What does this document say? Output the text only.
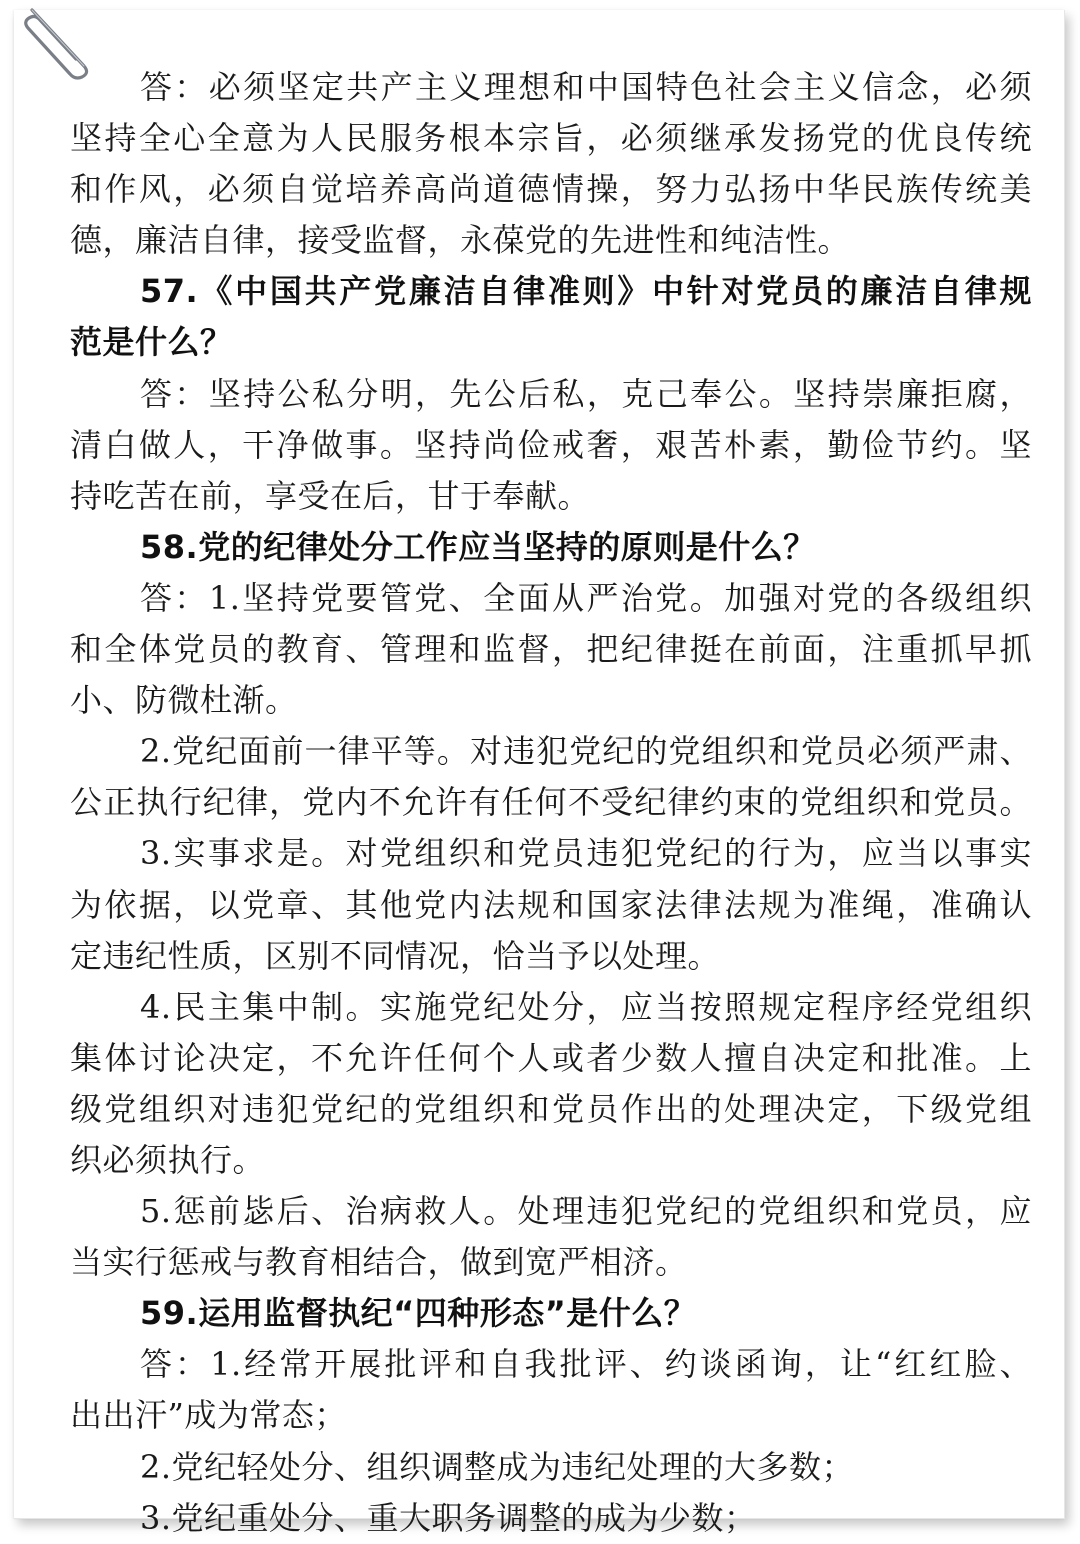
答：必须坚定共产主义理想和中国特色社会主义信念，必须
坚持全心全意为人民服务根本宗旨，必须继承发扬党的优良传统
和作风，必须自觉培养高尚道德情操，努力弘扬中华民族传统美
德，廉洁自律，接受监督，永葆党的先进性和纯洁性。
57.《中国共产党廉洁自律准则》中针对党员的廉洁自律规
范是什么？
答：坚持公私分明，先公后私，克己奉公。坚持崇廉拒腐，
清白做人，干净做事。坚持尚俭戒奢，艰苦朴素，勤俭节约。坚
持吃苦在前，享受在后，甘于奉献。
58.党的纪律处分工作应当坚持的原则是什么？
答：1.坚持党要管党、全面从严治党。加强对党的各级组织
和全体党员的教育、管理和监督，把纪律挺在前面，注重抓早抓
小、防微杜渐。
2.党纪面前一律平等。对违犯党纪的党组织和党员必须严肃、
公正执行纪律，党内不允许有任何不受纪律约束的党组织和党员。
3.实事求是。对党组织和党员违犯党纪的行为，应当以事实
为依据，以党章、其他党内法规和国家法律法规为准绳，准确认
定违纪性质，区别不同情况，恰当予以处理。
4.民主集中制。实施党纪处分，应当按照规定程序经党组织
集体讨论决定，不允许任何个人或者少数人擅自决定和批准。上
级党组织对违犯党纪的党组织和党员作出的处理决定，下级党组
织必须执行。
5.惩前毖后、治病救人。处理违犯党纪的党组织和党员，应
当实行惩戒与教育相结合，做到宽严相济。
59.运用监督执纪“四种形态”是什么？
答：1.经常开展批评和自我批评、约谈函询，让“红红脸、
出出汗”成为常态；
2.党纪轻处分、组织调整成为违纪处理的大多数；
3.党纪重处分、重大职务调整的成为少数；
